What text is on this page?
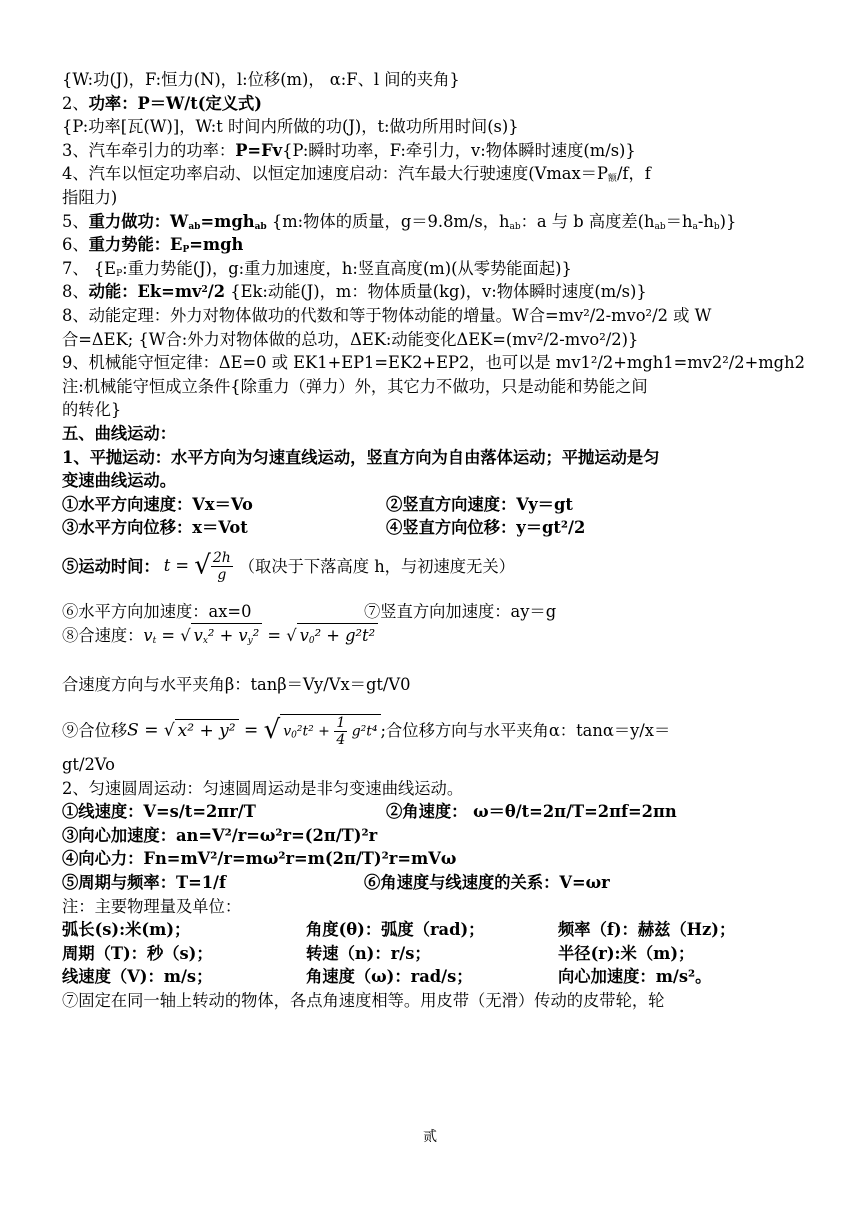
{W:功(J)，F:恒力(N)，l:位移(m)， α:F、l 间的夹角}
2、功率：P＝W/t(定义式)
{P:功率[瓦(W)]，W:t 时间内所做的功(J)，t:做功所用时间(s)}
3、汽车牵引力的功率：P=Fv{P:瞬时功率，F:牵引力，v:物体瞬时速度(m/s)}
4、汽车以恒定功率启动、以恒定加速度启动：汽车最大行驶速度($Vmax=P_额/f$，f
指阻力)
5、重力做功：$W_{ab}=mgh_{ab}$ {m:物体的质量，g＝9.8m/s，$h_{ab}$：a 与 b 高度差$(h_{ab}=h_a-h_b)$}
6、重力势能：$E_P=mgh$
7、 {$E_P$:重力势能(J)，g:重力加速度，h:竖直高度(m)(从零势能面起)}
8、动能：$Ek=mv^2/2$ {Ek:动能(J)，m：物体质量(kg)，v:物体瞬时速度(m/s)}
8、动能定理：外力对物体做功的代数和等于物体动能的增量。W合=mv²/2-mvo²/2 或 W
合=ΔEK; {W合:外力对物体做的总功，ΔEK:动能变化ΔEK=(mv²/2-mvo²/2)}
9、机械能守恒定律：ΔE=0 或 EK1+EP1=EK2+EP2，也可以是 mv1²/2+mgh1=mv2²/2+mgh2
注:机械能守恒成立条件{除重力（弹力）外，其它力不做功，只是动能和势能之间
的转化}
五、曲线运动：
1、平抛运动：水平方向为匀速直线运动，竖直方向为自由落体运动；平抛运动是匀
变速曲线运动。
①水平方向速度：Vx＝Vo	②竖直方向速度：Vy＝gt
③水平方向位移：x＝Vot	④竖直方向位移：y＝gt²/2
⑤运动时间： t = √ $\frac{2h}{g}$ （取决于下落高度 h，与初速度无关）
⑥水平方向加速度：ax=0	⑦竖直方向加速度：ay＝g
⑧合速度：$v_t$ = √ $v_x^2 + v_y^2$ = √ $v_0^2 + g^2t^2$
合速度方向与水平夹角β：tanβ＝Vy/Vx＝gt/V0
⑨合位移 S = √ x² + y² = √ $v_0^2t^2 + \frac{1}{4} g^2t^4$ ;合位移方向与水平夹角α：tanα＝y/x＝
gt/2Vo
2、匀速圆周运动：匀速圆周运动是非匀变速曲线运动。
①线速度：V=s/t=2πr/T	②角速度： ω＝θ/t=2π/T=2πf=2πn
③向心加速度：an=V²/r=ω²r=(2π/T)²r
④向心力：Fn=mV²/r=mω²r=m(2π/T)²r=mVω
⑤周期与频率：T=1/f	⑥角速度与线速度的关系：V=ωr
注：主要物理量及单位：
弧长(s):米(m)；	角度(θ)：弧度（rad)；	频率（f)：赫兹（Hz)；
周期（T)：秒（s)；	转速（n)：r/s；	半径(r):米（m)；
线速度（V)：m/s；	角速度（ω)：rad/s；	向心加速度：m/s²。
⑦固定在同一轴上转动的物体，各点角速度相等。用皮带（无滑）传动的皮带轮，轮
贰
